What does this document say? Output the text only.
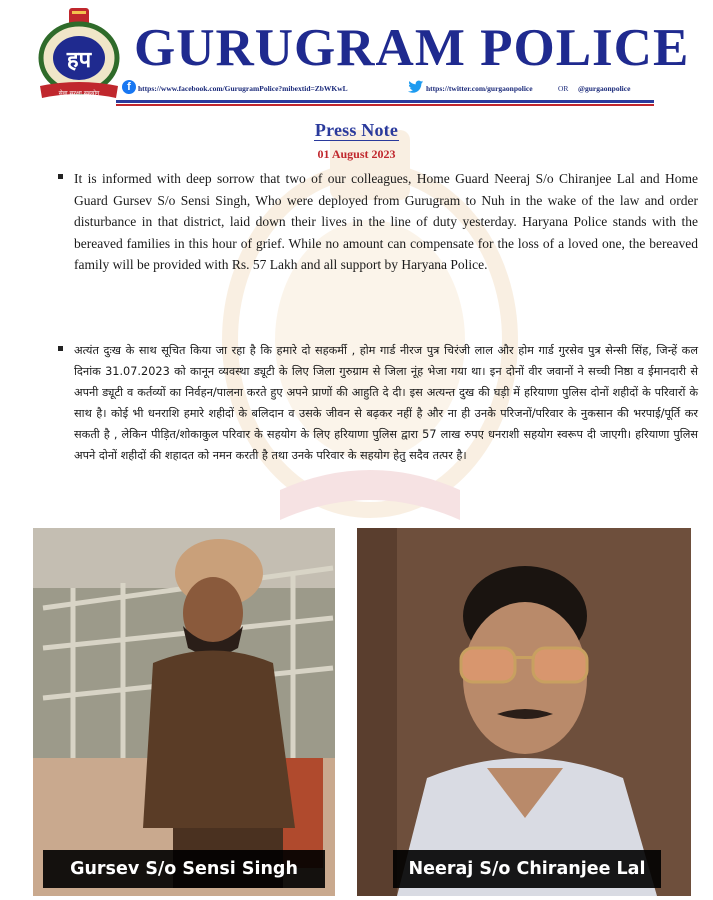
हप
सेवा सुरक्षा सहयोग
GURUGRAM POLICE
f https://www.facebook.com/GurugramPolice?mibextid=ZbWKwL	https://twitter.com/gurgaonpolice	OR @gurgaonpolice
Press Note
01 August 2023

It is informed with deep sorrow that two of our colleagues, Home Guard Neeraj S/o Chiranjee Lal and Home Guard Gursev S/o Sensi Singh, Who were deployed from Gurugram to Nuh in the wake of the law and order disturbance in that district, laid down their lives in the line of duty yesterday. Haryana Police stands with the bereaved families in this hour of grief. While no amount can compensate for the loss of a loved one, the bereaved family will be provided with Rs. 57 Lakh and all support by Haryana Police.

अत्यंत दुःख के साथ सूचित किया जा रहा है कि हमारे दो सहकर्मी , होम गार्ड नीरज पुत्र चिरंजी लाल और होम गार्ड गुरसेव पुत्र सेन्सी सिंह, जिन्हें कल दिनांक 31.07.2023 को कानून व्यवस्था ड्यूटी के लिए जिला गुरुग्राम से जिला नूंह भेजा गया था। इन दोनों वीर जवानों ने सच्ची निष्ठा व ईमानदारी से अपनी ड्यूटी व कर्तव्यों का निर्वहन/पालना करते हुए अपने प्राणों की आहुति दे दी। इस अत्यन्त दुख की घड़ी में हरियाणा पुलिस दोनों शहीदों के परिवारों के साथ है। कोई भी धनराशि हमारे शहीदों के बलिदान व उसके जीवन से बढ़कर नहीं है और ना ही उनके परिजनों/परिवार के नुकसान की भरपाई/पूर्ति कर सकती है , लेकिन पीड़ित/शोकाकुल परिवार के सहयोग के लिए हरियाणा पुलिस द्वारा 57 लाख रुपए धनराशी सहयोग स्वरूप दी जाएगी। हरियाणा पुलिस अपने दोनों शहीदों की शहादत को नमन करती है तथा उनके परिवार के सहयोग हेतु सदैव तत्पर है।

Gursev S/o Sensi Singh	Neeraj S/o Chiranjee Lal
